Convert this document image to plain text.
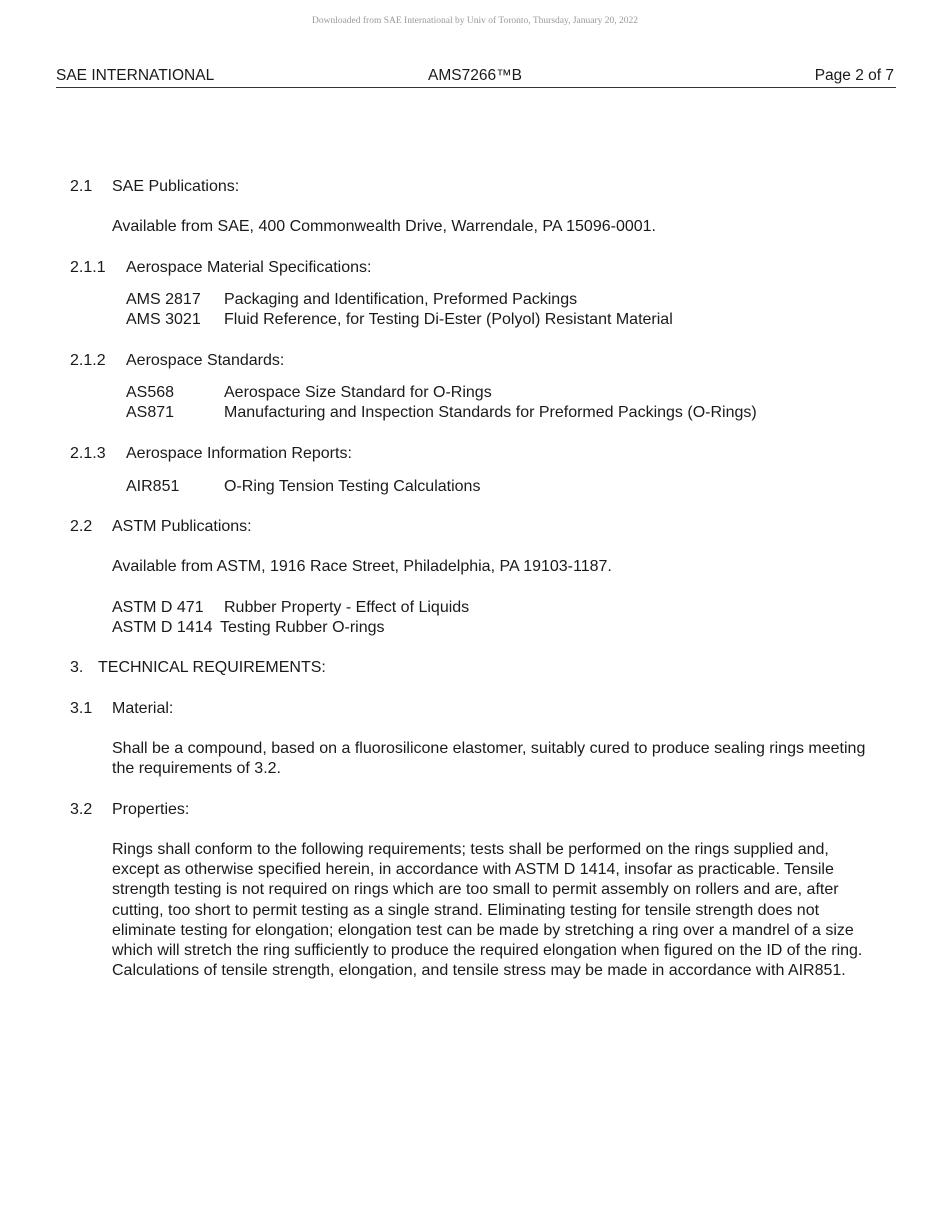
Downloaded from SAE International by Univ of Toronto, Thursday, January 20, 2022
SAE INTERNATIONAL	AMS7266™B	Page 2 of 7
2.1 SAE Publications:
Available from SAE, 400 Commonwealth Drive, Warrendale, PA 15096-0001.
2.1.1 Aerospace Material Specifications:
AMS 2817 Packaging and Identification, Preformed Packings
AMS 3021 Fluid Reference, for Testing Di-Ester (Polyol) Resistant Material
2.1.2 Aerospace Standards:
AS568	Aerospace Size Standard for O-Rings
AS871	Manufacturing and Inspection Standards for Preformed Packings (O-Rings)
2.1.3 Aerospace Information Reports:
AIR851	O-Ring Tension Testing Calculations
2.2 ASTM Publications:
Available from ASTM, 1916 Race Street, Philadelphia, PA 19103-1187.
ASTM D 471 Rubber Property - Effect of Liquids
ASTM D 1414 Testing Rubber O-rings
3. TECHNICAL REQUIREMENTS:
3.1 Material:
Shall be a compound, based on a fluorosilicone elastomer, suitably cured to produce sealing rings meeting the requirements of 3.2.
3.2 Properties:
Rings shall conform to the following requirements; tests shall be performed on the rings supplied and, except as otherwise specified herein, in accordance with ASTM D 1414, insofar as practicable. Tensile strength testing is not required on rings which are too small to permit assembly on rollers and are, after cutting, too short to permit testing as a single strand. Eliminating testing for tensile strength does not eliminate testing for elongation; elongation test can be made by stretching a ring over a mandrel of a size which will stretch the ring sufficiently to produce the required elongation when figured on the ID of the ring. Calculations of tensile strength, elongation, and tensile stress may be made in accordance with AIR851.
